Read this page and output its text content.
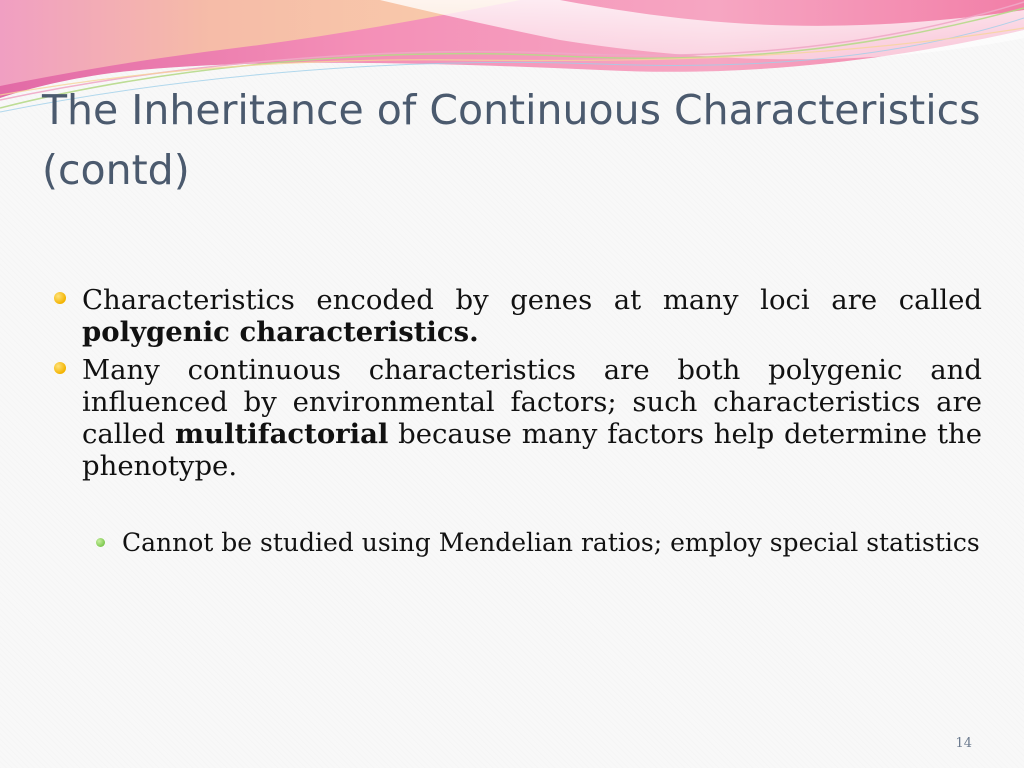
The Inheritance of Continuous Characteristics (contd)
Characteristics encoded by genes at many loci are called polygenic characteristics.
Many continuous characteristics are both polygenic and influenced by environmental factors; such characteristics are called multifactorial because many factors help determine the phenotype.
Cannot be studied using Mendelian ratios; employ special statistics
14
